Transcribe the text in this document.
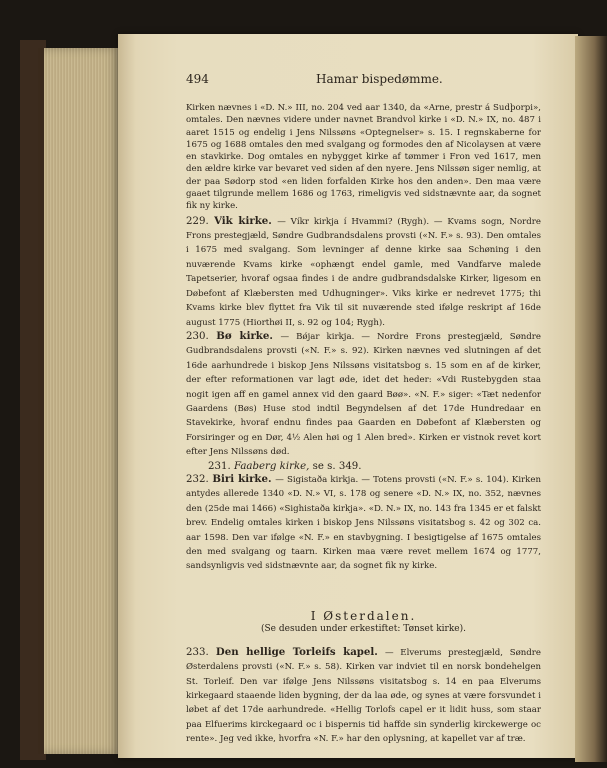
494	Hamar bispedømme.

Kirken nævnes i «D. N.» III, no. 204 ved aar 1340, da «Arne, prestr á Sudþorpi», omtales. Den nævnes videre under navnet Brandvol kirke i «D. N.» IX, no. 487 i aaret 1515 og endelig i Jens Nilssøns «Optegnelser» s. 15. I regnskaberne for 1675 og 1688 omtales den med svalgang og formodes den af Nicolaysen at være en stavkirke. Dog omtales en nybygget kirke af tømmer i Fron ved 1617, men den ældre kirke var bevaret ved siden af den nyere. Jens Nilssøn siger nemlig, at der paa Sødorp stod «en liden forfalden Kirke hos den anden». Den maa være gaaet tilgrunde mellem 1686 og 1763, rimeligvis ved sidstnævnte aar, da sognet fik ny kirke.

229. Vik kirke. — Víkr kirkja í Hvammi? (Rygh). — Kvams sogn, Nordre Frons prestegjæld, Søndre Gudbrandsdalens provsti («N. F.» s. 93). Den omtales i 1675 med svalgang. Som levninger af denne kirke saa Schøning i den nuværende Kvams kirke «ophængt endel gamle, med Vandfarve malede Tapetserier, hvoraf ogsaa findes i de andre gudbrandsdalske Kirker, ligesom en Døbefont af Klæbersten med Udhugninger». Viks kirke er nedrevet 1775; thi Kvams kirke blev flyttet fra Vik til sit nuværende sted ifølge reskript af 16de august 1775 (Hiorthøi II, s. 92 og 104; Rygh).

230. Bø kirke. — Bǿjar kirkja. — Nordre Frons prestegjæld, Søndre Gudbrandsdalens provsti («N. F.» s. 92). Kirken nævnes ved slutningen af det 16de aarhundrede i biskop Jens Nilssøns visitatsbog s. 15 som en af de kirker, der efter reformationen var lagt øde, idet det heder: «Vdi Rustebygden staa nogit igen aff en gamel annex vid den gaard Bøø». «N. F.» siger: «Tæt nedenfor Gaardens (Bøs) Huse stod indtil Begyndelsen af det 17de Hundredaar en Stavekirke, hvoraf endnu findes paa Gaarden en Døbefont af Klæbersten og Forsiringer og en Dør, 4½ Alen høi og 1 Alen bred». Kirken er vistnok revet kort efter Jens Nilssøns død.

231. Faaberg kirke, se s. 349.

232. Biri kirke. — Sigistaða kirkja. — Totens provsti («N. F.» s. 104). Kirken antydes allerede 1340 «D. N.» VI, s. 178 og senere «D. N.» IX, no. 352, nævnes den (25de mai 1466) «Sighistaða kirkja». «D. N.» IX, no. 143 fra 1345 er et falskt brev. Endelig omtales kirken i biskop Jens Nilssøns visitatsbog s. 42 og 302 ca. aar 1598. Den var ifølge «N. F.» en stavbygning. I besigtigelse af 1675 omtales den med svalgang og taarn. Kirken maa være revet mellem 1674 og 1777, sandsynligvis ved sidstnævnte aar, da sognet fik ny kirke.

I Østerdalen.
(Se desuden under erkestiftet: Tønset kirke).

233. Den hellige Torleifs kapel. — Elverums prestegjæld, Søndre Østerdalens provsti («N. F.» s. 58). Kirken var indviet til en norsk bondehelgen St. Torleif. Den var ifølge Jens Nilssøns visitatsbog s. 14 en paa Elverums kirkegaard staaende liden bygning, der da laa øde, og synes at være forsvundet i løbet af det 17de aarhundrede. «Hellig Torlofs capel er it lidit huss, som staar paa Elfuerims kirckegaard oc i bispernis tid haffde sin synderlig kirckewerge oc rente». Jeg ved ikke, hvorfra «N. F.» har den oplysning, at kapellet var af træ.
